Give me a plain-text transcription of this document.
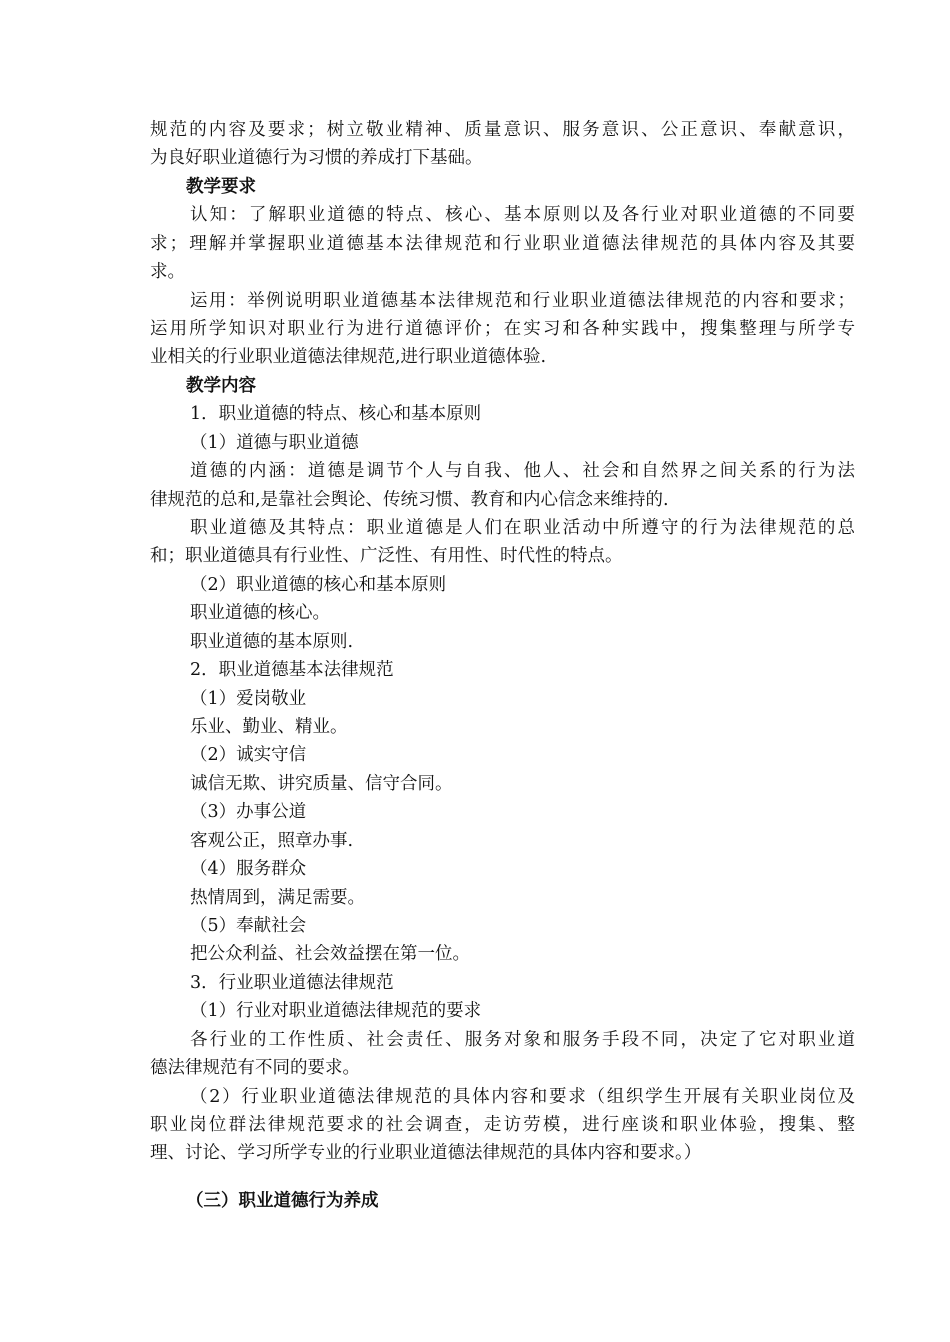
规范的内容及要求；树立敬业精神、质量意识、服务意识、公正意识、奉献意识，
为良好职业道德行为习惯的养成打下基础。
教学要求
认知：了解职业道德的特点、核心、基本原则以及各行业对职业道德的不同要
求；理解并掌握职业道德基本法律规范和行业职业道德法律规范的具体内容及其要
求。
运用：举例说明职业道德基本法律规范和行业职业道德法律规范的内容和要求；
运用所学知识对职业行为进行道德评价；在实习和各种实践中，搜集整理与所学专
业相关的行业职业道德法律规范,进行职业道德体验.
教学内容
1．职业道德的特点、核心和基本原则
（1）道德与职业道德
道德的内涵：道德是调节个人与自我、他人、社会和自然界之间关系的行为法
律规范的总和,是靠社会舆论、传统习惯、教育和内心信念来维持的.
职业道德及其特点：职业道德是人们在职业活动中所遵守的行为法律规范的总
和；职业道德具有行业性、广泛性、有用性、时代性的特点。
（2）职业道德的核心和基本原则
职业道德的核心。
职业道德的基本原则.
2．职业道德基本法律规范
（1）爱岗敬业
乐业、勤业、精业。
（2）诚实守信
诚信无欺、讲究质量、信守合同。
（3）办事公道
客观公正，照章办事.
（4）服务群众
热情周到，满足需要。
（5）奉献社会
把公众利益、社会效益摆在第一位。
3．行业职业道德法律规范
（1）行业对职业道德法律规范的要求
各行业的工作性质、社会责任、服务对象和服务手段不同，决定了它对职业道
德法律规范有不同的要求。
（2）行业职业道德法律规范的具体内容和要求（组织学生开展有关职业岗位及
职业岗位群法律规范要求的社会调查，走访劳模，进行座谈和职业体验，搜集、整
理、讨论、学习所学专业的行业职业道德法律规范的具体内容和要求。）
（三）职业道德行为养成
